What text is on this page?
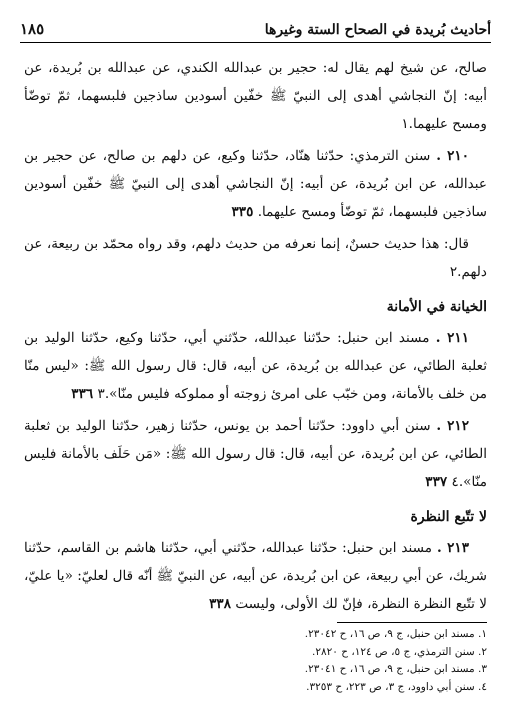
أحاديث بُريدة في الصحاح الستة وغيرها
١٨٥

صالح، عن شيخ لهم يقال له: حجير بن عبدالله الكندي، عن عبدالله بن بُريدة، عن أبيه: إنّ النجاشي أهدى إلى النبيّ ﷺ خفّين أسودين ساذجين فلبسهما، ثمّ توضّأ ومسح عليهما.١

٢١٠ . سنن الترمذي: حدّثنا هنّاد، حدّثنا وكيع، عن دلهم بن صالح، عن حجير بن عبدالله، عن ابن بُريدة، عن أبيه: إنّ النجاشي أهدى إلى النبيّ ﷺ خفّين أسودين ساذجين فلبسهما، ثمّ توضّأ ومسح عليهما. ٣٣٥

قال: هذا حديث حسنٌ، إنما نعرفه من حديث دلهم، وقد رواه محمّد بن ربيعة، عن دلهم.٢

الخيانة في الأمانة

٢١١ . مسند ابن حنبل: حدّثنا عبدالله، حدّثني أبي، حدّثنا وكيع، حدّثنا الوليد بن ثعلبة الطائي، عن عبدالله بن بُريدة، عن أبيه، قال: قال رسول الله ﷺ: «ليس منّا من خلف بالأمانة، ومن خبّب على امرئ زوجته أو مملوكه فليس منّا».٣ ٣٣٦

٢١٢ . سنن أبي داوود: حدّثنا أحمد بن يونس، حدّثنا زهير، حدّثنا الوليد بن ثعلبة الطائي، عن ابن بُريدة، عن أبيه، قال: قال رسول الله ﷺ: «مَن حَلَف بالأمانة فليس منّا».٤ ٣٣٧

لا تتّبع النظرة

٢١٣ . مسند ابن حنبل: حدّثنا عبدالله، حدّثني أبي، حدّثنا هاشم بن القاسم، حدّثنا شريك، عن أبي ربيعة، عن ابن بُريدة، عن أبيه، عن النبيّ ﷺ أنّه قال لعليّ: «يا عليّ، لا تتّبع النظرة النظرة، فإنّ لك الأولى، وليست ٣٣٨

١. مسند ابن حنبل، ج ٩، ص ١٦، ح ٢٣٠٤٢.
٢. سنن الترمذي، ج ٥، ص ١٢٤، ح ٢٨٢٠.
٣. مسند ابن حنبل، ج ٩، ص ١٦، ح ٢٣٠٤١.
٤. سنن أبي داوود، ج ٣، ص ٢٢٣، ح ٣٢٥٣.
